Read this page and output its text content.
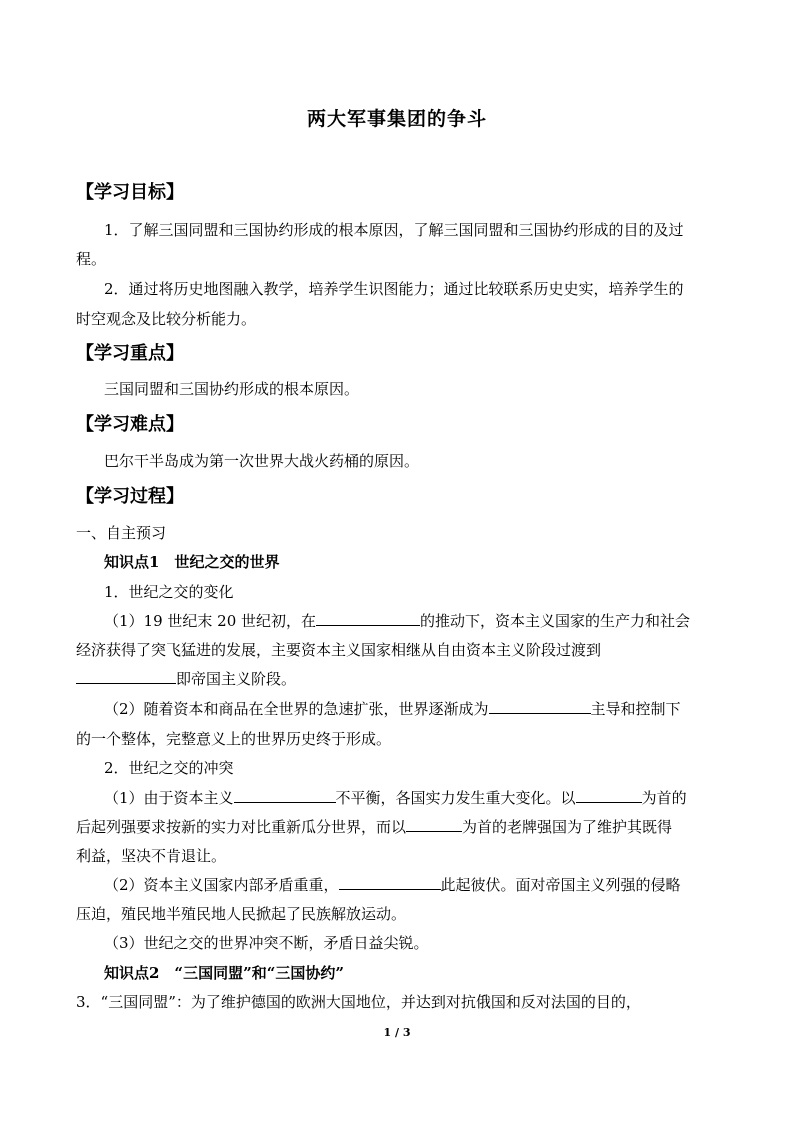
两大军事集团的争斗
【学习目标】
1．了解三国同盟和三国协约形成的根本原因，了解三国同盟和三国协约形成的目的及过
程。
2．通过将历史地图融入教学，培养学生识图能力；通过比较联系历史史实，培养学生的
时空观念及比较分析能力。
【学习重点】
三国同盟和三国协约形成的根本原因。
【学习难点】
巴尔干半岛成为第一次世界大战火药桶的原因。
【学习过程】
一、自主预习
知识点1　世纪之交的世界
1．世纪之交的变化
（1）19 世纪末 20 世纪初，在	的推动下，资本主义国家的生产力和社会
经济获得了突飞猛进的发展，主要资本主义国家相继从自由资本主义阶段过渡到
即帝国主义阶段。
（2）随着资本和商品在全世界的急速扩张，世界逐渐成为	主导和控制下
的一个整体，完整意义上的世界历史终于形成。
2．世纪之交的冲突
（1）由于资本主义	不平衡，各国实力发生重大变化。以	为首的
后起列强要求按新的实力对比重新瓜分世界，而以	为首的老牌强国为了维护其既得
利益，坚决不肯退让。
（2）资本主义国家内部矛盾重重，	此起彼伏。面对帝国主义列强的侵略
压迫，殖民地半殖民地人民掀起了民族解放运动。
（3）世纪之交的世界冲突不断，矛盾日益尖锐。
知识点2　“三国同盟”和“三国协约”
3．“三国同盟”：为了维护德国的欧洲大国地位，并达到对抗俄国和反对法国的目的，
1 / 3
